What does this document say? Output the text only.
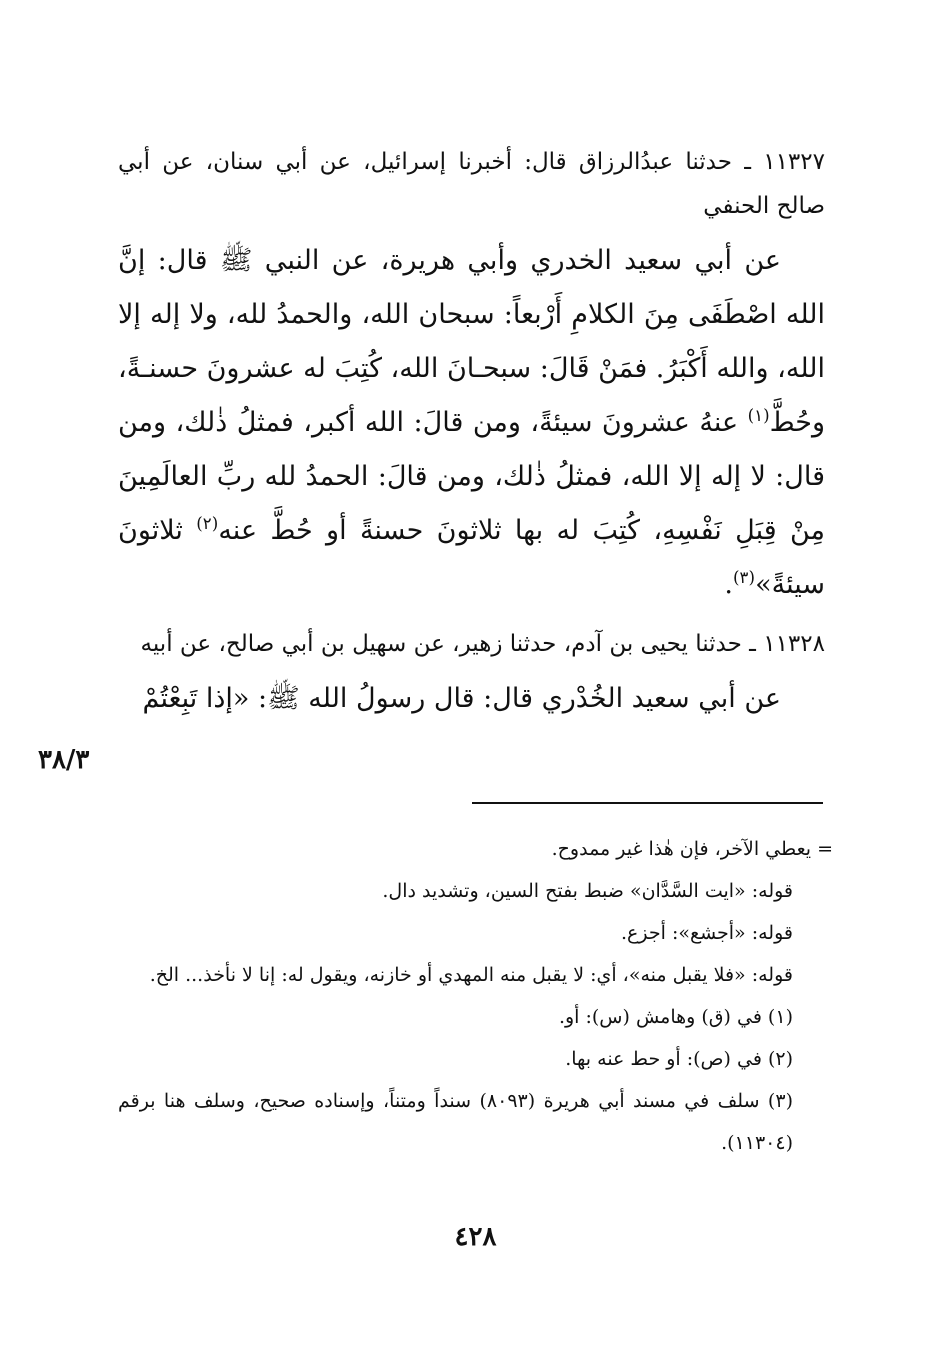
١١٣٢٧ ـ حدثنا عبدُالرزاق قال: أخبرنا إسرائيل، عن أبي سنان، عن أبي صالح الحنفي

عن أبي سعيد الخدري وأبي هريرة، عن النبي ﷺ قال: إنَّ الله اصْطَفَى مِنَ الكلامِ أَرْبعاً: سبحان الله، والحمدُ لله، ولا إله إلا الله، والله أَكْبَرُ. فمَنْ قَالَ: سبحـانَ الله، كُتِبَ له عشرونَ حسنـةً، وحُطَّ$^{(١)}$ عنهُ عشرونَ سيئةً، ومن قالَ: الله أكبر، فمثلُ ذٰلك، ومن قال: لا إله إلا الله، فمثلُ ذٰلك، ومن قالَ: الحمدُ لله ربِّ العالَمِينَ مِنْ قِبَلِ نَفْسِهِ، كُتِبَ له بها ثلاثونَ حسنةً أو حُطَّ عنه$^{(٢)}$ ثلاثونَ سيئةً»$^{(٣)}$.

١١٣٢٨ ـ حدثنا يحيى بن آدم، حدثنا زهير، عن سهيل بن أبي صالح، عن أبيه

عن أبي سعيد الخُدْري قال: قال رسولُ الله ﷺ: «إذا تَبِعْتُمْ

٣٨/٣

= يعطي الآخر، فإن هٰذا غير ممدوح.

قوله: «ايت السَّدَّان» ضبط بفتح السين، وتشديد دال.

قوله: «أجشع»: أجزع.

قوله: «فلا يقبل منه»، أي: لا يقبل منه المهدي أو خازنه، ويقول له: إنا لا نأخذ... الخ.

(١) في (ق) وهامش (س): أو.

(٢) في (ص): أو حط عنه بها.

(٣) سلف في مسند أبي هريرة (٨٠٩٣) سنداً ومتناً، وإسناده صحيح، وسلف هنا برقم (١١٣٠٤).

٤٢٨
